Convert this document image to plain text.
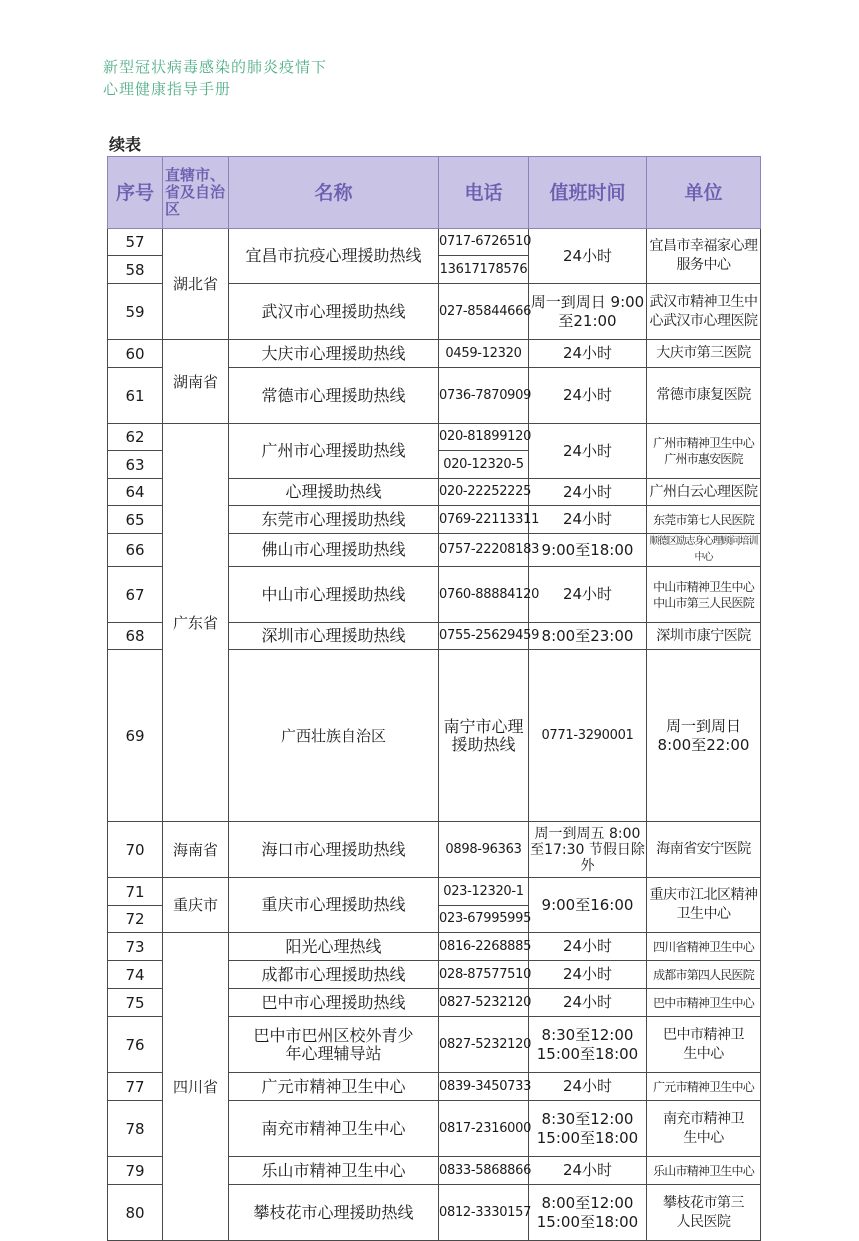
新型冠状病毒感染的肺炎疫情下
心理健康指导手册
续表
序号	直辖市、省及自治区	名称	电话	值班时间	单位	
57	湖北省	宜昌市抗疫心理援助热线	0717-6726510	24小时	宜昌市幸福家心理服务中心	
58			13617178576			
59		武汉市心理援助热线	027-85844666	周一到周日 9:00至21:00	武汉市精神卫生中心武汉市心理医院	
60	湖南省	大庆市心理援助热线	0459-12320	24小时	大庆市第三医院	
61		常德市心理援助热线	0736-7870909	24小时	常德市康复医院	
62	广东省	广州市心理援助热线	020-81899120	24小时	广州市精神卫生中心 广州市惠安医院	
63			020-12320-5			
64		心理援助热线	020-22252225	24小时	广州白云心理医院	
65		东莞市心理援助热线	0769-22113311	24小时	东莞市第七人民医院	
66		佛山市心理援助热线	0757-22208183	9:00至18:00	顺德区励志身心理顾问培训中心	
67		中山市心理援助热线	0760-88884120	24小时	中山市精神卫生中心 中山市第三人民医院	
68		深圳市心理援助热线	0755-25629459	8:00至23:00	深圳市康宁医院	
69		广西壮族自治区	南宁市心理援助热线	0771-3290001	周一到周日 8:00至22:00	
70	海南省	海口市心理援助热线	0898-96363	周一到周五 8:00至17:30 节假日除外	海南省安宁医院	
71	重庆市	重庆市心理援助热线	023-12320-1	9:00至16:00	重庆市江北区精神卫生中心	
72			023-67995995			
73	四川省	阳光心理热线	0816-2268885	24小时	四川省精神卫生中心	
74		成都市心理援助热线	028-87577510	24小时	成都市第四人民医院	
75		巴中市心理援助热线	0827-5232120	24小时	巴中市精神卫生中心	
76		巴中市巴州区校外青少年心理辅导站	0827-5232120	8:30至12:00 15:00至18:00	巴中市精神卫生中心	
77		广元市精神卫生中心	0839-3450733	24小时	广元市精神卫生中心	
78		南充市精神卫生中心	0817-2316000	8:30至12:00 15:00至18:00	南充市精神卫生中心	
79		乐山市精神卫生中心	0833-5868866	24小时	乐山市精神卫生中心	
80		攀枝花市心理援助热线	0812-3330157	8:00至12:00 15:00至18:00	攀枝花市第三人民医院	
